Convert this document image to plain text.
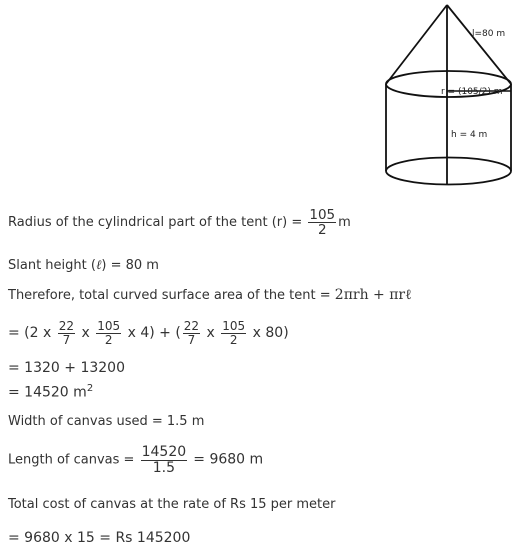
l=80 m
r = (105/2) m
h = 4 m
Radius of the cylindrical part of the tent $(r) = \frac{105}{2}$ m
Slant height (ℓ) = 80 m
Therefore, total curved surface area of the tent = 2πrh + πrℓ
= (2 x $\frac{22}{7}$ x $\frac{105}{2}$ x 4) + ( $\frac{22}{7}$ x $\frac{105}{2}$ x 80)
= 1320 + 13200
= 14520 $m^2$
Width of canvas used = 1.5 m
Length of canvas = $\frac{14520}{1.5} = 9680$ m
Total cost of canvas at the rate of Rs 15 per meter
= 9680 x 15 = Rs 145200
